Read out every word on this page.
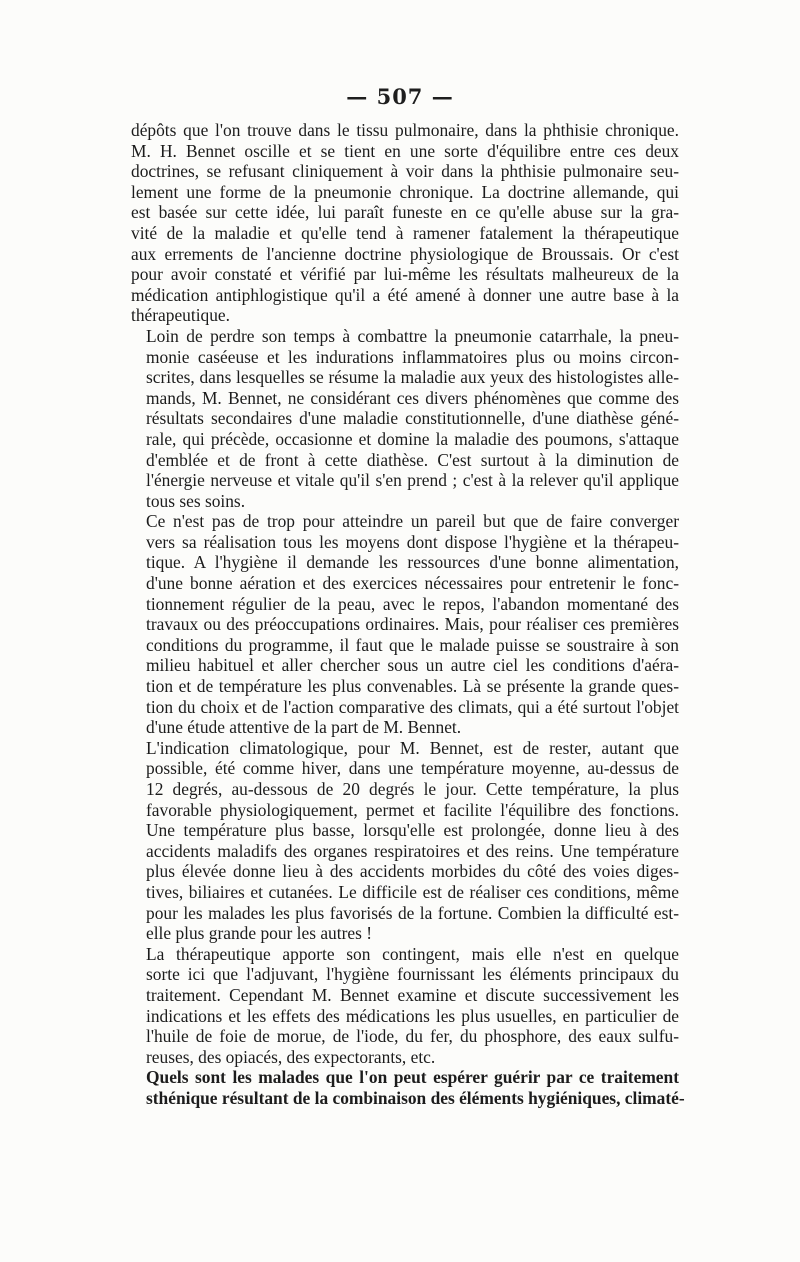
— 507 —

dépôts que l'on trouve dans le tissu pulmonaire, dans la phthisie chronique.
M. H. Bennet oscille et se tient en une sorte d'équilibre entre ces deux
doctrines, se refusant cliniquement à voir dans la phthisie pulmonaire seu-
lement une forme de la pneumonie chronique. La doctrine allemande, qui
est basée sur cette idée, lui paraît funeste en ce qu'elle abuse sur la gra-
vité de la maladie et qu'elle tend à ramener fatalement la thérapeutique
aux errements de l'ancienne doctrine physiologique de Broussais. Or c'est
pour avoir constaté et vérifié par lui-même les résultats malheureux de la
médication antiphlogistique qu'il a été amené à donner une autre base à la
thérapeutique.

Loin de perdre son temps à combattre la pneumonie catarrhale, la pneu-
monie caséeuse et les indurations inflammatoires plus ou moins circon-
scrites, dans lesquelles se résume la maladie aux yeux des histologistes alle-
mands, M. Bennet, ne considérant ces divers phénomènes que comme des
résultats secondaires d'une maladie constitutionnelle, d'une diathèse géné-
rale, qui précède, occasionne et domine la maladie des poumons, s'attaque
d'emblée et de front à cette diathèse. C'est surtout à la diminution de
l'énergie nerveuse et vitale qu'il s'en prend ; c'est à la relever qu'il applique
tous ses soins.

Ce n'est pas de trop pour atteindre un pareil but que de faire converger
vers sa réalisation tous les moyens dont dispose l'hygiène et la thérapeu-
tique. A l'hygiène il demande les ressources d'une bonne alimentation,
d'une bonne aération et des exercices nécessaires pour entretenir le fonc-
tionnement régulier de la peau, avec le repos, l'abandon momentané des
travaux ou des préoccupations ordinaires. Mais, pour réaliser ces premières
conditions du programme, il faut que le malade puisse se soustraire à son
milieu habituel et aller chercher sous un autre ciel les conditions d'aéra-
tion et de température les plus convenables. Là se présente la grande ques-
tion du choix et de l'action comparative des climats, qui a été surtout l'objet
d'une étude attentive de la part de M. Bennet.

L'indication climatologique, pour M. Bennet, est de rester, autant que
possible, été comme hiver, dans une température moyenne, au-dessus de
12 degrés, au-dessous de 20 degrés le jour. Cette température, la plus
favorable physiologiquement, permet et facilite l'équilibre des fonctions.
Une température plus basse, lorsqu'elle est prolongée, donne lieu à des
accidents maladifs des organes respiratoires et des reins. Une température
plus élevée donne lieu à des accidents morbides du côté des voies diges-
tives, biliaires et cutanées. Le difficile est de réaliser ces conditions, même
pour les malades les plus favorisés de la fortune. Combien la difficulté est-
elle plus grande pour les autres !

La thérapeutique apporte son contingent, mais elle n'est en quelque
sorte ici que l'adjuvant, l'hygiène fournissant les éléments principaux du
traitement. Cependant M. Bennet examine et discute successivement les
indications et les effets des médications les plus usuelles, en particulier de
l'huile de foie de morue, de l'iode, du fer, du phosphore, des eaux sulfu-
reuses, des opiacés, des expectorants, etc.

Quels sont les malades que l'on peut espérer guérir par ce traitement
sthénique résultant de la combinaison des éléments hygiéniques, climaté-
